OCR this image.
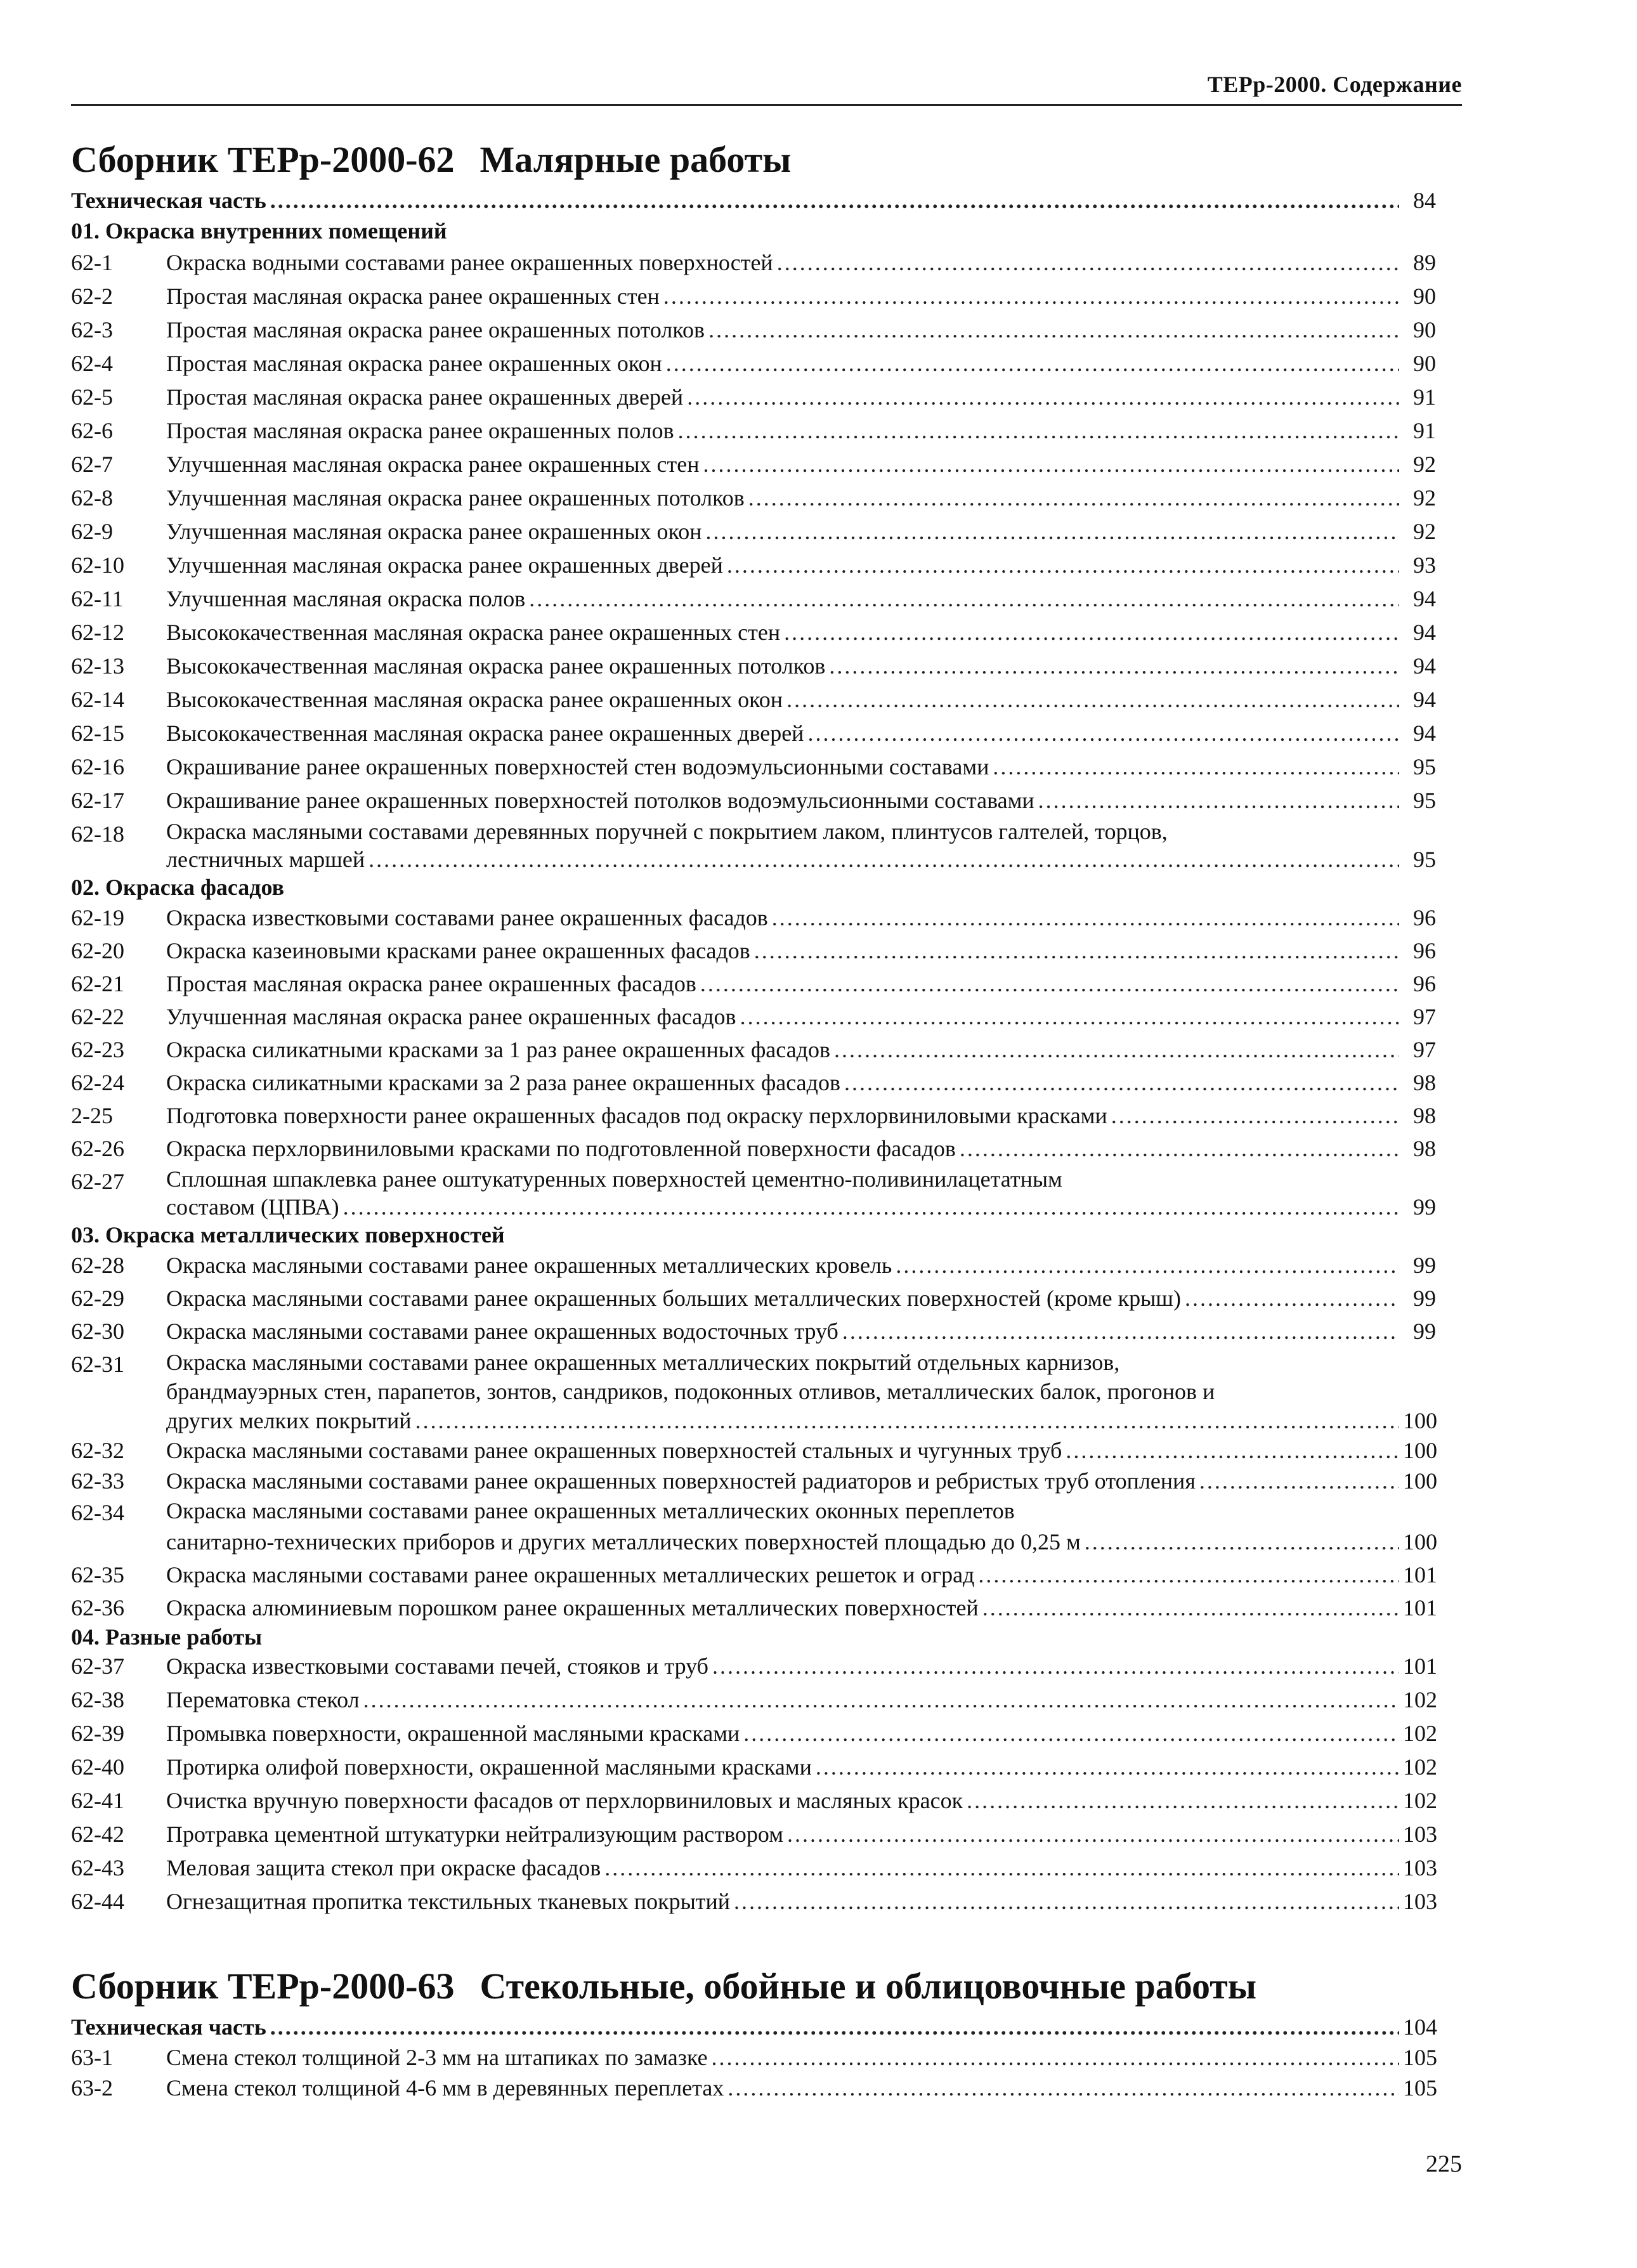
ТЕРр-2000. Содержание
Сборник ТЕРр-2000-62 Малярные работы
Техническая часть .....	84
01. Окраска внутренних помещений
62-1	Окраска водными составами ранее окрашенных поверхностей .....	89
62-2	Простая масляная окраска ранее окрашенных стен .....	90
62-3	Простая масляная окраска ранее окрашенных потолков .....	90
62-4	Простая масляная окраска ранее окрашенных окон .....	90
62-5	Простая масляная окраска ранее окрашенных дверей .....	91
62-6	Простая масляная окраска ранее окрашенных полов .....	91
62-7	Улучшенная масляная окраска ранее окрашенных стен .....	92
62-8	Улучшенная масляная окраска ранее окрашенных потолков .....	92
62-9	Улучшенная масляная окраска ранее окрашенных окон .....	92
62-10	Улучшенная масляная окраска ранее окрашенных дверей .....	93
62-11	Улучшенная масляная окраска полов .....	94
62-12	Высококачественная масляная окраска ранее окрашенных стен .....	94
62-13	Высококачественная масляная окраска ранее окрашенных потолков .....	94
62-14	Высококачественная масляная окраска ранее окрашенных окон .....	94
62-15	Высококачественная масляная окраска ранее окрашенных дверей .....	94
62-16	Окрашивание ранее окрашенных поверхностей стен водоэмульсионными составами .....	95
62-17	Окрашивание ранее окрашенных поверхностей потолков водоэмульсионными составами .....	95
62-18	Окраска масляными составами деревянных поручней с покрытием лаком, плинтусов галтелей, торцов,
лестничных маршей .....	95
02. Окраска фасадов
62-19	Окраска известковыми составами ранее окрашенных фасадов .....	96
62-20	Окраска казеиновыми красками ранее окрашенных фасадов .....	96
62-21	Простая масляная окраска ранее окрашенных фасадов .....	96
62-22	Улучшенная масляная окраска ранее окрашенных фасадов .....	97
62-23	Окраска силикатными красками за 1 раз ранее окрашенных фасадов .....	97
62-24	Окраска силикатными красками за 2 раза ранее окрашенных фасадов .....	98
2-25	Подготовка поверхности ранее окрашенных фасадов под окраску перхлорвиниловыми красками .....	98
62-26	Окраска перхлорвиниловыми красками по подготовленной поверхности фасадов .....	98
62-27	Сплошная шпаклевка ранее оштукатуренных поверхностей цементно-поливинилацетатным
составом (ЦПВА) .....	99
03. Окраска металлических поверхностей
62-28	Окраска масляными составами ранее окрашенных металлических кровель .....	99
62-29	Окраска масляными составами ранее окрашенных больших металлических поверхностей (кроме крыш) .....	99
62-30	Окраска масляными составами ранее окрашенных водосточных труб .....	99
62-31	Окраска масляными составами ранее окрашенных металлических покрытий отдельных карнизов,
брандмауэрных стен, парапетов, зонтов, сандриков, подоконных отливов, металлических балок, прогонов и
других мелких покрытий .....	100
62-32	Окраска масляными составами ранее окрашенных поверхностей стальных и чугунных труб .....	100
62-33	Окраска масляными составами ранее окрашенных поверхностей радиаторов и ребристых труб отопления .....	100
62-34	Окраска масляными составами ранее окрашенных металлических оконных переплетов
санитарно-технических приборов и других металлических поверхностей площадью до 0,25 м .....	100
62-35	Окраска масляными составами ранее окрашенных металлических решеток и оград .....	101
62-36	Окраска алюминиевым порошком ранее окрашенных металлических поверхностей .....	101
04. Разные работы
62-37	Окраска известковыми составами печей, стояков и труб .....	101
62-38	Перематовка стекол .....	102
62-39	Промывка поверхности, окрашенной масляными красками .....	102
62-40	Протирка олифой поверхности, окрашенной масляными красками .....	102
62-41	Очистка вручную поверхности фасадов от перхлорвиниловых и масляных красок .....	102
62-42	Протравка цементной штукатурки нейтрализующим раствором .....	103
62-43	Меловая защита стекол при окраске фасадов .....	103
62-44	Огнезащитная пропитка текстильных тканевых покрытий .....	103
Сборник ТЕРр-2000-63 Стекольные, обойные и облицовочные работы
Техническая часть .....	104
63-1	Смена стекол толщиной 2-3 мм на штапиках по замазке .....	105
63-2	Смена стекол толщиной 4-6 мм в деревянных переплетах .....	105
225
